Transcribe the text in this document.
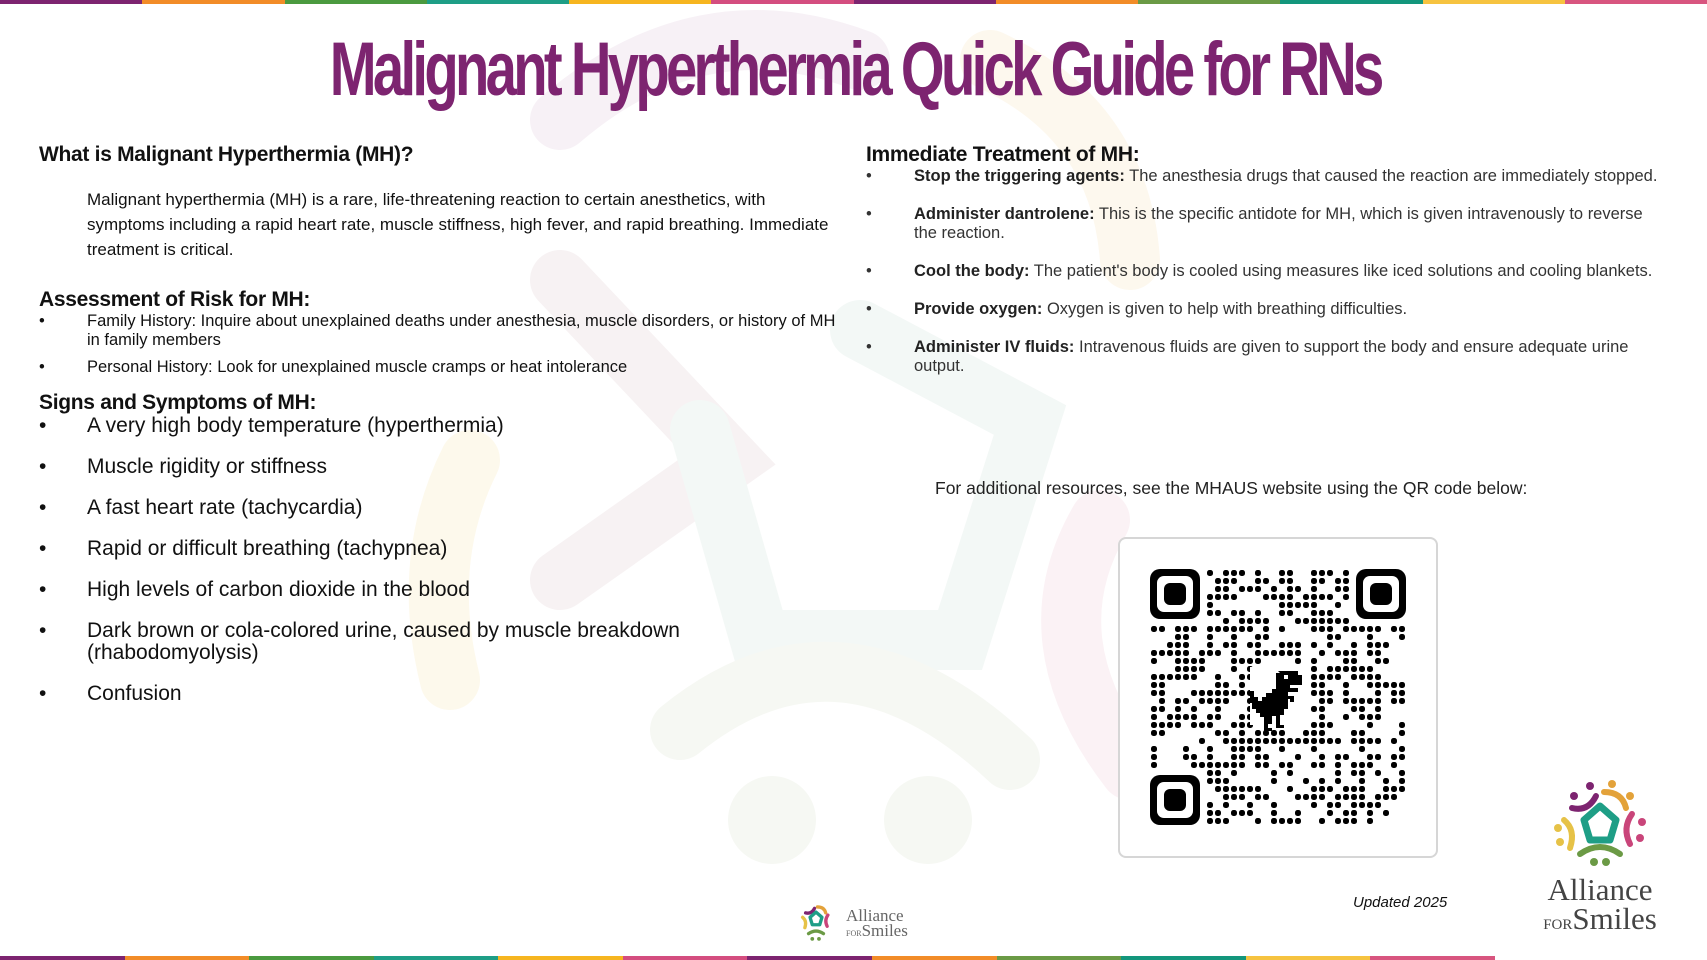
Malignant Hyperthermia Quick Guide for RNs
What is Malignant Hyperthermia (MH)?

Malignant hyperthermia (MH) is a rare, life-threatening reaction to certain anesthetics, with symptoms including a rapid heart rate, muscle stiffness, high fever, and rapid breathing. Immediate treatment is critical.

Assessment of Risk for MH:
•	Family History: Inquire about unexplained deaths under anesthesia, muscle disorders, or history of MH in family members
•	Personal History: Look for unexplained muscle cramps or heat intolerance
Signs and Symptoms of MH:
• A very high body temperature (hyperthermia)
• Muscle rigidity or stiffness
• A fast heart rate (tachycardia)
• Rapid or difficult breathing (tachypnea)
• High levels of carbon dioxide in the blood
• Dark brown or cola-colored urine, caused by muscle breakdown (rhabodomyolysis)
• Confusion
Immediate Treatment of MH:
•	Stop the triggering agents: The anesthesia drugs that caused the reaction are immediately stopped.
•	Administer dantrolene: This is the specific antidote for MH, which is given intravenously to reverse the reaction.
•	Cool the body: The patient's body is cooled using measures like iced solutions and cooling blankets.
•	Provide oxygen: Oxygen is given to help with breathing difficulties.
•	Administer IV fluids: Intravenous fluids are given to support the body and ensure adequate urine output.
For additional resources, see the MHAUS website using the QR code below:
Updated 2025	Alliance
FORSmiles
Alliance
FORSmiles
